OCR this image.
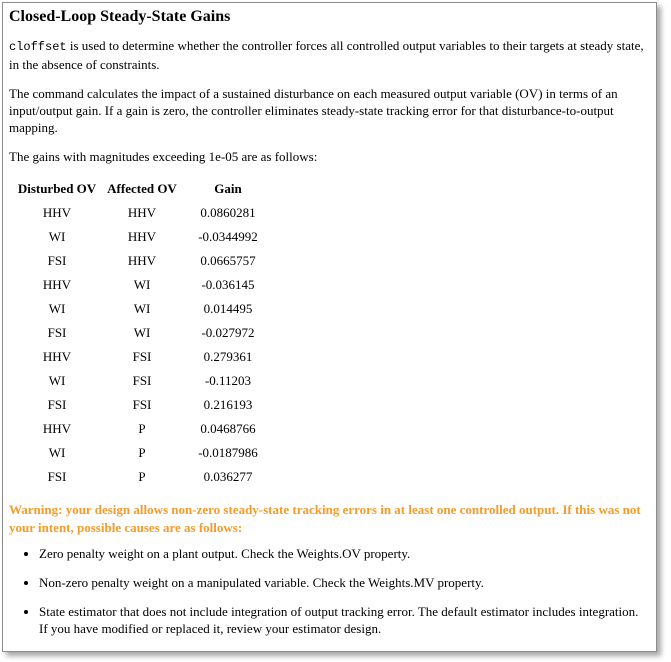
Closed-Loop Steady-State Gains

cloffset is used to determine whether the controller forces all controlled output variables to their targets at steady state, in the absence of constraints.

The command calculates the impact of a sustained disturbance on each measured output variable (OV) in terms of an input/output gain. If a gain is zero, the controller eliminates steady-state tracking error for that disturbance-to-output mapping.

The gains with magnitudes exceeding 1e-05 are as follows:

Disturbed OV	Affected OV	Gain
HHV	HHV	0.0860281
WI	HHV	-0.0344992
FSI	HHV	0.0665757
HHV	WI	-0.036145
WI	WI	0.014495
FSI	WI	-0.027972
HHV	FSI	0.279361
WI	FSI	-0.11203
FSI	FSI	0.216193
HHV	P	0.0468766
WI	P	-0.0187986
FSI	P	0.036277

Warning: your design allows non-zero steady-state tracking errors in at least one controlled output. If this was not your intent, possible causes are as follows:

• Zero penalty weight on a plant output. Check the Weights.OV property.
• Non-zero penalty weight on a manipulated variable. Check the Weights.MV property.
• State estimator that does not include integration of output tracking error. The default estimator includes integration. If you have modified or replaced it, review your estimator design.
